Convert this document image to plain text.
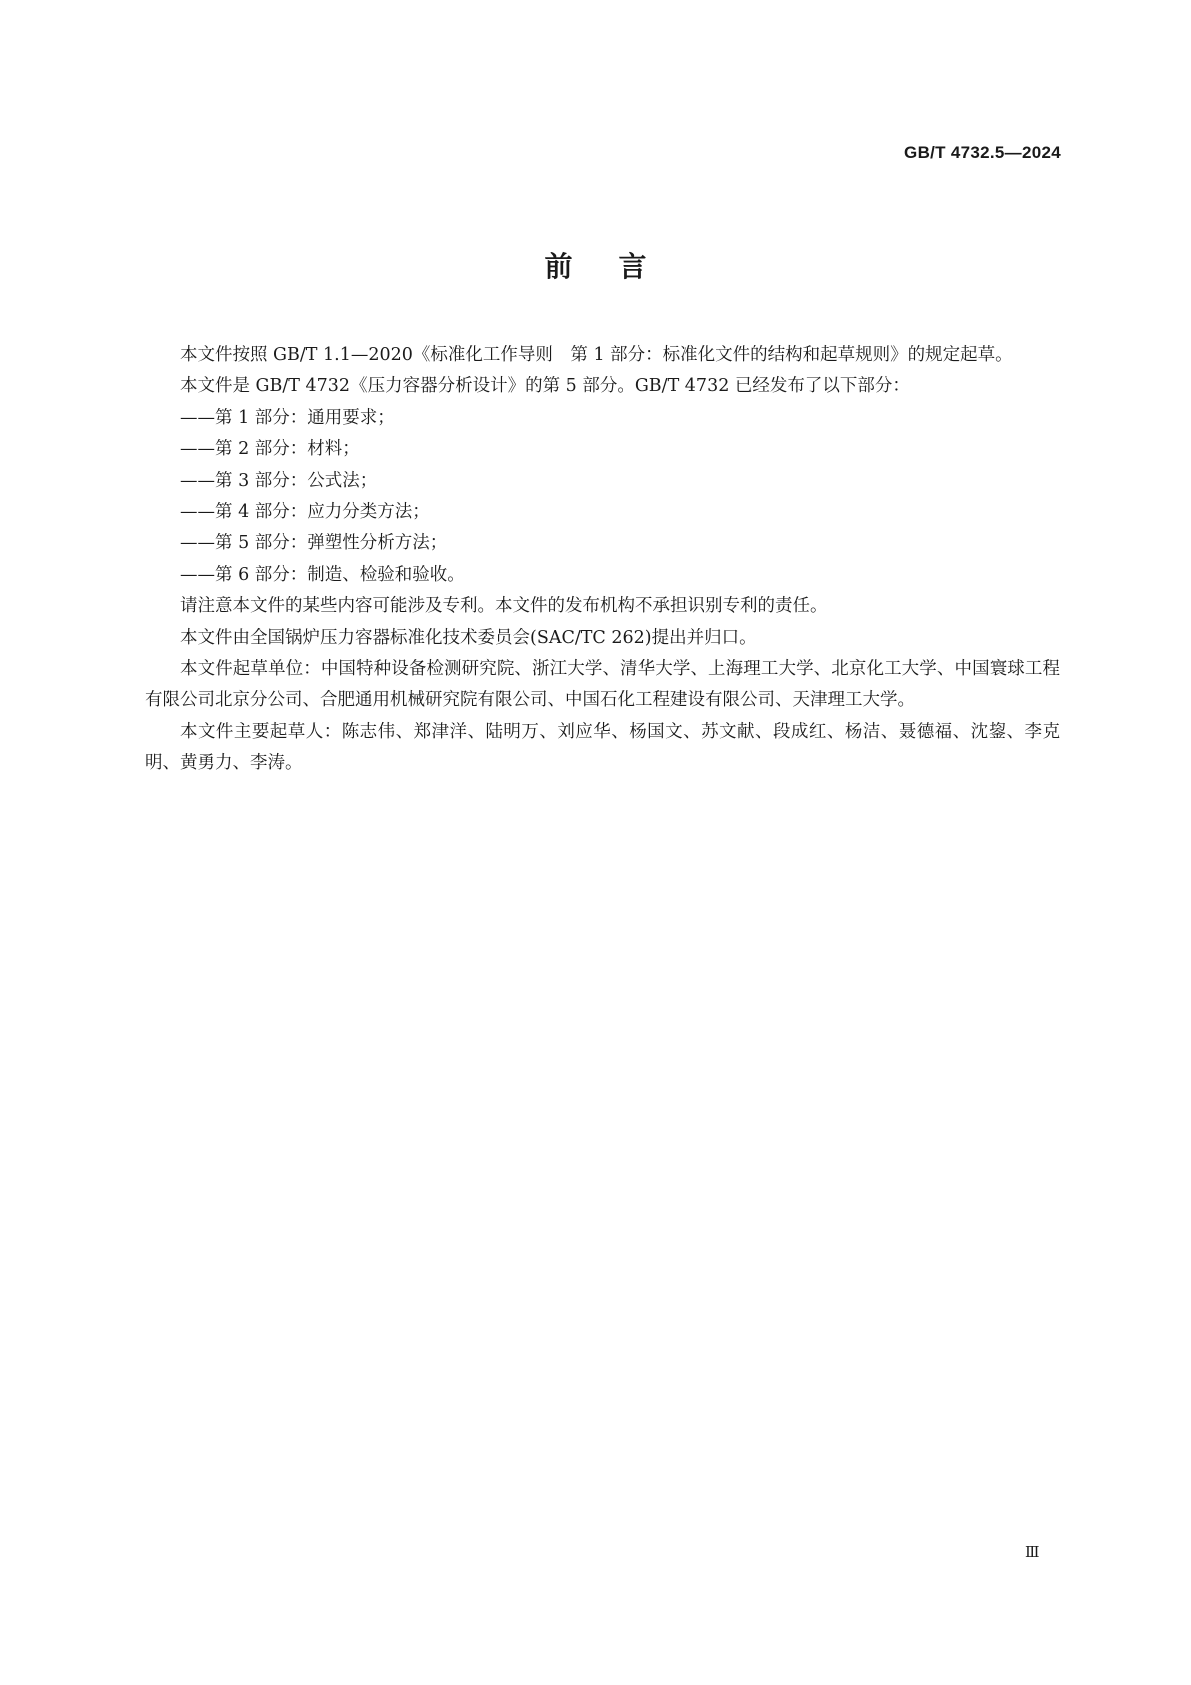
GB/T 4732.5—2024
前 言

本文件按照 GB/T 1.1—2020《标准化工作导则　第 1 部分：标准化文件的结构和起草规则》的规定起草。

本文件是 GB/T 4732《压力容器分析设计》的第 5 部分。GB/T 4732 已经发布了以下部分：

——第 1 部分：通用要求；

——第 2 部分：材料；

——第 3 部分：公式法；

——第 4 部分：应力分类方法；

——第 5 部分：弹塑性分析方法；

——第 6 部分：制造、检验和验收。

请注意本文件的某些内容可能涉及专利。本文件的发布机构不承担识别专利的责任。

本文件由全国锅炉压力容器标准化技术委员会(SAC/TC 262)提出并归口。

本文件起草单位：中国特种设备检测研究院、浙江大学、清华大学、上海理工大学、北京化工大学、中国寰球工程有限公司北京分公司、合肥通用机械研究院有限公司、中国石化工程建设有限公司、天津理工大学。

本文件主要起草人：陈志伟、郑津洋、陆明万、刘应华、杨国文、苏文献、段成红、杨洁、聂德福、沈鋆、李克明、黄勇力、李涛。

Ⅲ
